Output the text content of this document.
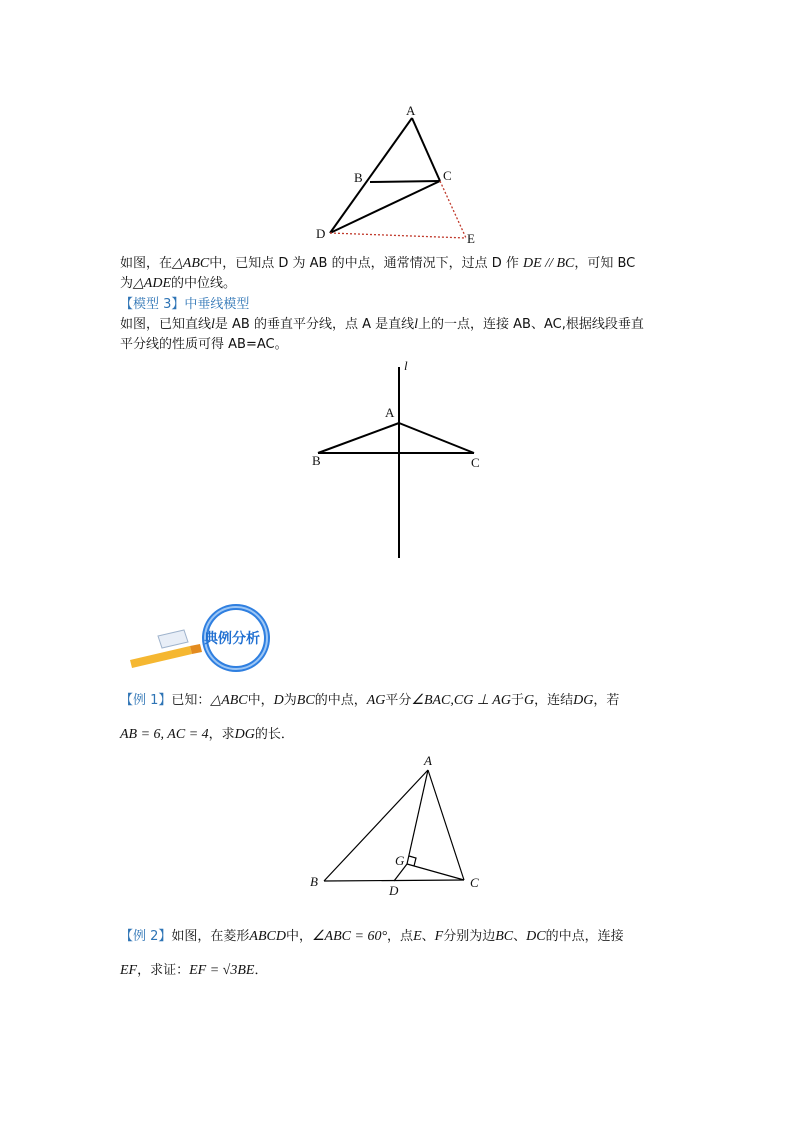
A
B	C
D	E
如图，在△ABC中，已知点 D 为 AB 的中点，通常情况下，过点 D 作 DE // BC，可知 BC
为△ADE的中位线。
【模型 3】中垂线模型
如图，已知直线l是 AB 的垂直平分线，点 A 是直线l上的一点，连接 AB、AC,根据线段垂直
平分线的性质可得 AB=AC。
l
A
B	C
典例分析
【例 1】已知：△ABC中，D为BC的中点，AG平分∠BAC,CG ⊥ AG于G，连结DG，若
AB = 6, AC = 4，求DG的长．
A
B	C
D
G
【例 2】如图，在菱形ABCD中，∠ABC = 60°，点E、F分别为边BC、DC的中点，连接
EF，求证：EF = √3BE．
